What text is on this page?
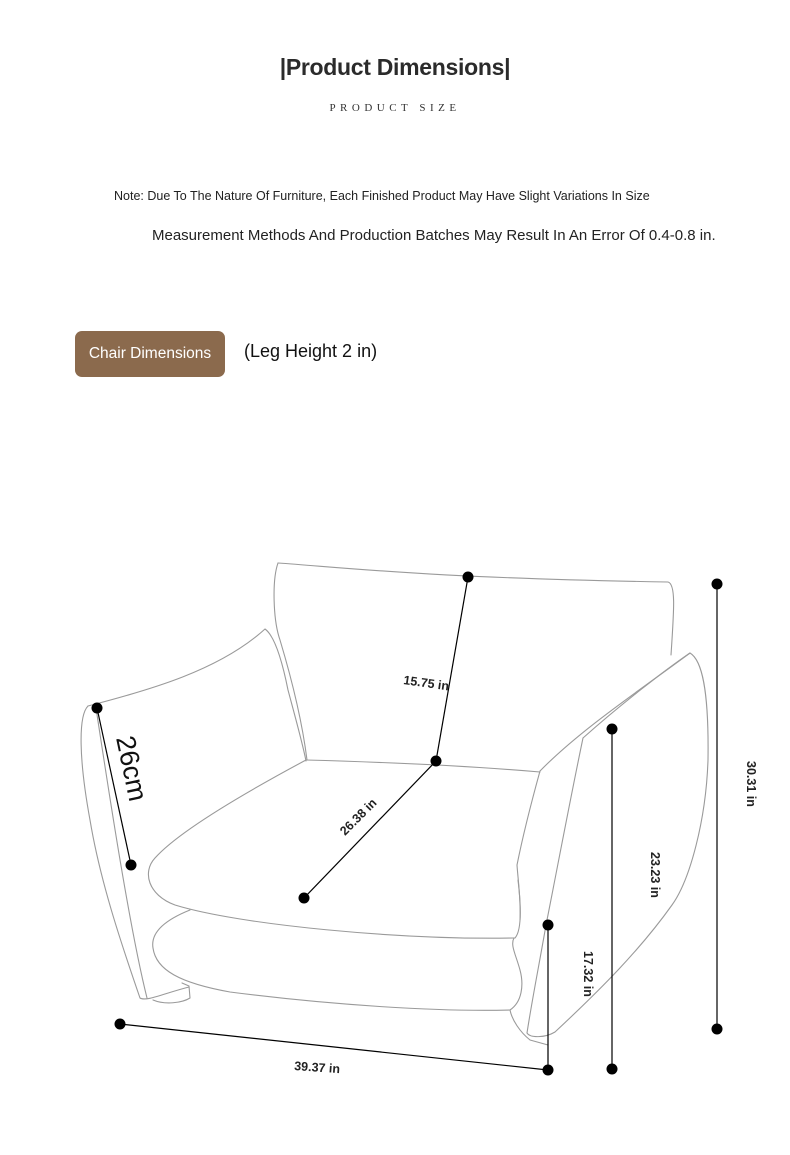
|Product Dimensions|
PRODUCT SIZE
Note: Due To The Nature Of Furniture, Each Finished Product May Have Slight Variations In Size
Measurement Methods And Production Batches May Result In An Error Of 0.4-0.8 in.
Chair Dimensions	(Leg Height 2 in)
15.75 in
26.38 in
26cm	30.31 in
23.23 in
17.32 in
39.37 in
